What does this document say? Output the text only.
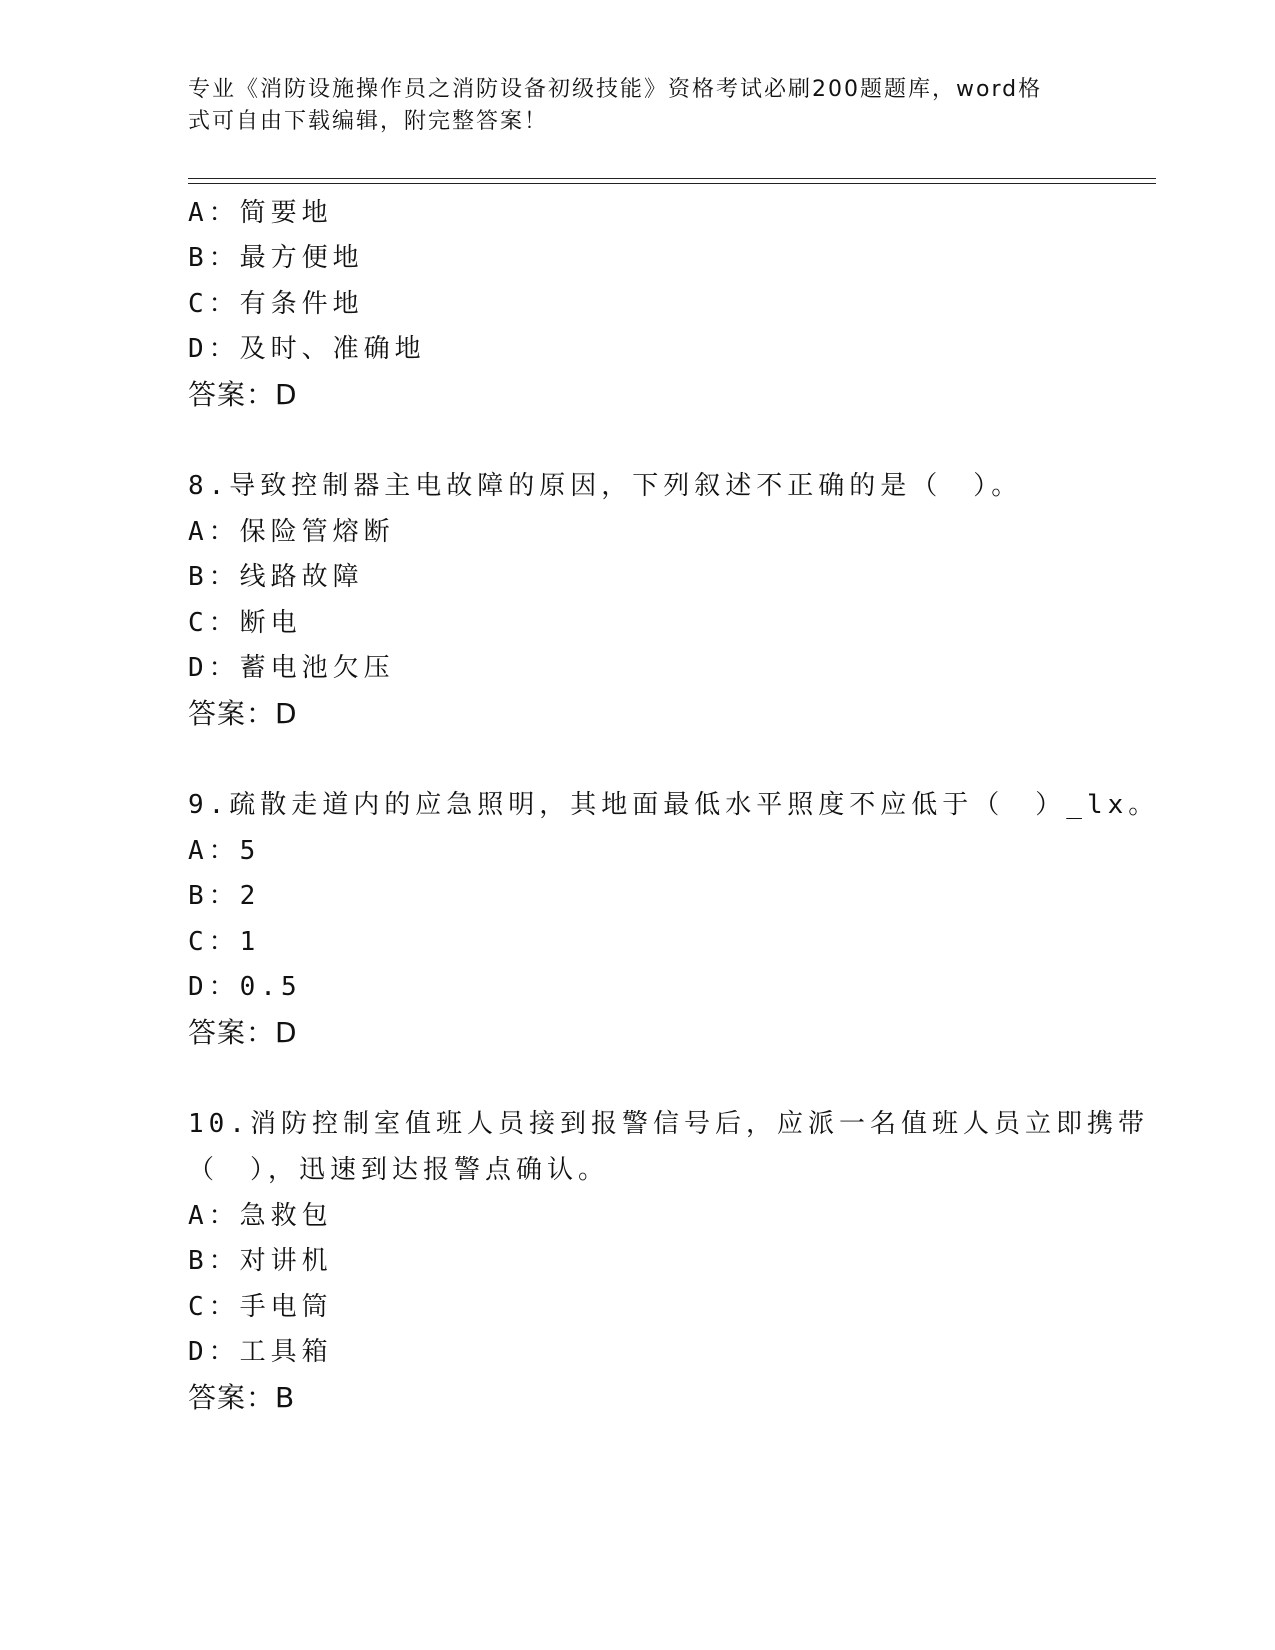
专业《消防设施操作员之消防设备初级技能》资格考试必刷200题题库，word格
式可自由下载编辑，附完整答案！
A：简要地
B：最方便地
C：有条件地
D：及时、准确地
答案：D
8.导致控制器主电故障的原因，下列叙述不正确的是（　）。
A：保险管熔断
B：线路故障
C：断电
D：蓄电池欠压
答案：D
9.疏散走道内的应急照明，其地面最低水平照度不应低于（　）_lx。
A：5
B：2
C：1
D：0.5
答案：D
10.消防控制室值班人员接到报警信号后，应派一名值班人员立即携带
（　），迅速到达报警点确认。
A：急救包
B：对讲机
C：手电筒
D：工具箱
答案：B
